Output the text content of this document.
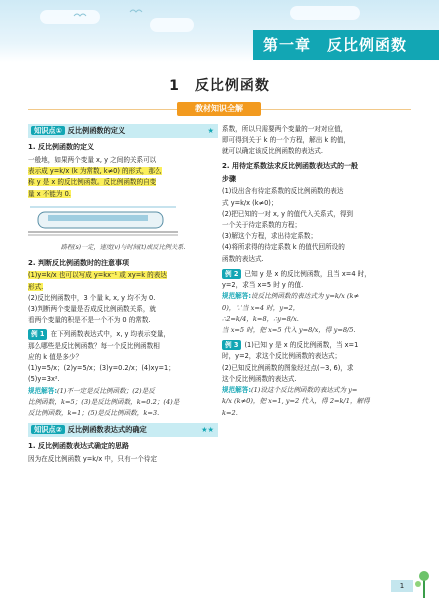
第一章　反比例函数
1　反比例函数
教材知识全解
知识点① 反比例函数的定义	★
1. 反比例函数的定义

一般地，如果两个变量 x, y 之间的关系可以

表示成 y=k/x (k 为常数, k≠0) 的形式，那么

称 y 是 x 的反比例函数。反比例函数的自变

量 x 不能为 0.

路程(s)一定，速度(v)与时间(t)成反比例关系.
2. 判断反比例函数时的注意事项

(1)y=k/x 也可以写成 y=kx⁻¹ 或 xy=k 的表达

形式.

(2)反比例函数中，3 个量 k, x, y 均不为 0.

(3)判断两个变量是否成反比例函数关系，就

看两个变量的积是不是一个不为 0 的常数.

例 1 在下列函数表达式中，x, y 均表示变量，

那么哪些是反比例函数？每一个反比例函数相

应的 k 值是多少？

(1)y=5/x；(2)y=5/x；(3)y=0.2/x；(4)xy=1；

(5)y=3x².

规范解答:(1)不一定是反比例函数；(2)是反

比例函数，k=5；(3)是反比例函数，k=0.2；(4)是

反比例函数，k=1；(5)是反比例函数，k=3.

知识点② 反比例函数表达式的确定	★★
1. 反比例函数表达式确定的思路

因为在反比例函数 y=k/x 中，只有一个待定

系数，所以只需要两个变量的一对对应值，

即可得到关于 k 的一个方程，解出 k 的值，

就可以确定该反比例函数的表达式.

2. 用待定系数法求反比例函数表达式的一般
步骤

(1)设出含有待定系数的反比例函数的表达

式 y=k/x (k≠0)；

(2)把已知的一对 x, y 的值代入关系式，得到

一个关于待定系数的方程；

(3)解这个方程，求出待定系数；

(4)将所求得的待定系数 k 的值代回所设的

函数的表达式.

例 2 已知 y 是 x 的反比例函数，且当 x=4 时，

y=2，求当 x=5 时 y 的值.

规范解答:设反比例函数的表达式为 y=k/x (k≠

0)，∵当 x=4 时，y=2，

∴2=k/4，k=8，∴y=8/x.

当 x=5 时，把 x=5 代入 y=8/x，得 y=8/5.

例 3 (1)已知 y 是 x 的反比例函数，当 x=1

时，y=2，求这个反比例函数的表达式；

(2)已知反比例函数的图象经过点(−3, 6)，求

这个反比例函数的表达式.

规范解答:(1)设这个反比例函数的表达式为 y=

k/x (k≠0)，把 x=1, y=2 代入，得 2=k/1，解得

k=2.

1
